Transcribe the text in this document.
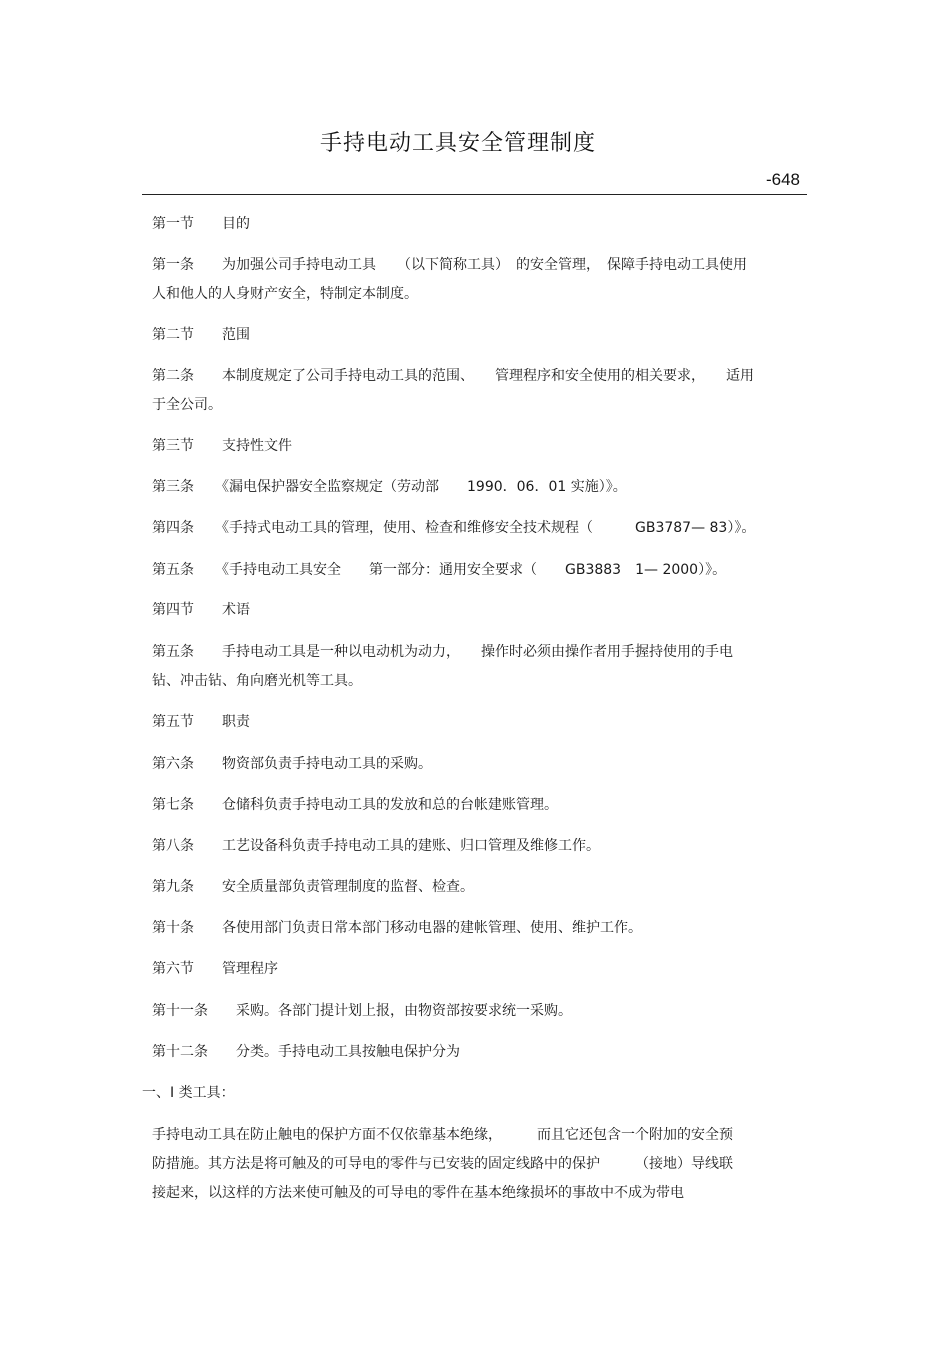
手持电动工具安全管理制度
-648
第一节　　目的
第一条　　为加强公司手持电动工具　　（以下简称工具）　的安全管理，　保障手持电动工具使用
人和他人的人身财产安全，特制定本制度。
第二节　　范围
第二条　　本制度规定了公司手持电动工具的范围、　　管理程序和安全使用的相关要求，　　适用
于全公司。
第三节　　支持性文件
第三条　　《漏电保护器安全监察规定（劳动部　　1990．06．01 实施）》。
第四条　　《手持式电动工具的管理，使用、检查和维修安全技术规程（　　　GB3787— 83）》。
第五条　　《手持电动工具安全　　第一部分：通用安全要求（　　GB3883　1— 2000）》。
第四节　　术语
第五条　　手持电动工具是一种以电动机为动力，　　操作时必须由操作者用手握持使用的手电
钻、冲击钻、角向磨光机等工具。
第五节　　职责
第六条　　物资部负责手持电动工具的采购。
第七条　　仓储科负责手持电动工具的发放和总的台帐建账管理。
第八条　　工艺设备科负责手持电动工具的建账、归口管理及维修工作。
第九条　　安全质量部负责管理制度的监督、检查。
第十条　　各使用部门负责日常本部门移动电器的建帐管理、使用、维护工作。
第六节　　管理程序
第十一条　　采购。各部门提计划上报，由物资部按要求统一采购。
第十二条　　分类。手持电动工具按触电保护分为
一、Ⅰ 类工具：
手持电动工具在防止触电的保护方面不仅依靠基本绝缘，　　　而且它还包含一个附加的安全预
防措施。其方法是将可触及的可导电的零件与已安装的固定线路中的保护　　　（接地）导线联
接起来，以这样的方法来使可触及的可导电的零件在基本绝缘损坏的事故中不成为带电
